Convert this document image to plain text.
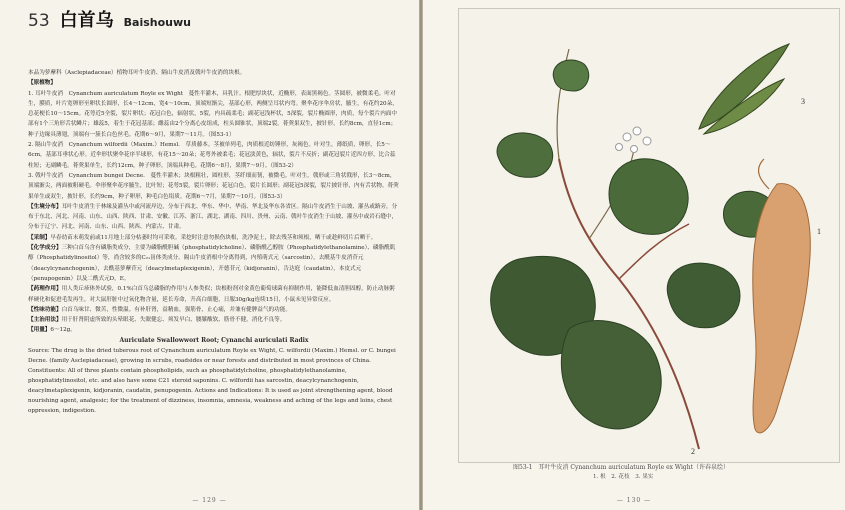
53 白首乌 Baishouwu

本品为萝藦科（Asclepiadaceae）植物耳叶牛皮消、隔山牛皮消及戟叶牛皮消的块根。

【原植物】

1. 耳叶牛皮消　Cynanchum auriculatum Royle ex Wight　蔓性半灌木，具乳汁。根肥厚块状，近椭形，表面黑褐色。茎圆形，被微柔毛。叶对生，膜质，叶片宽卵形至卵状长圆形，长4～12cm，宽4～10cm，顶端短渐尖，基部心形，两侧呈耳状内弯。聚伞花序伞房状，腋生，有花约20朵，总花梗长10～15cm。花萼近5全裂，裂片卵状；花冠白色，辐射状，5裂，内具疏柔毛；副花冠浅杯状，5深裂，裂片椭圆形，肉质，每个裂片内面中部有1个三角形舌状鳞片；雄蕊5，着生于花冠基部；雌蕊由2个分离心皮组成，柱头圆锥状，顶端2裂。蓇葖果双生，披针形，长约8cm，直径1cm；种子边缘具薄翅，顶端有一簇长白色丝毛。花期6～9月，果期7～11月。（图53-1）

2. 隔山牛皮消　Cynanchum wilfordii（Maxim.）Hemsl.　草质藤本。茎被单列毛，肉质根近纺锤形，灰褐色。叶对生，薄纸质，卵形，长5～6cm，基部耳垂状心形。近伞形状聚伞花序半球形，有花15～20朵；花萼外被柔毛；花冠淡黄色，辐状，裂片不反折；副花冠裂片近四方形，比合蕊柱短；无副鳞毛。蓇葖果单生，长约12cm，种子卵形，顶端具种毛。花期6～8月，果期7～9月。（图53-2）

3. 戟叶牛皮消　Cynanchum bungei Decne.　蔓性半灌木；块根粗壮，圆柱形，茎纤细而韧，被微毛。叶对生，戟形或三角状戟形，长3～8cm，顶端渐尖，两面被粗硬毛。伞形聚伞花序腋生，比叶短；花萼5裂，裂片卵形；花冠白色，裂片长圆形；副花冠5深裂，裂片披针形，内有舌状物。蓇葖果单生或双生，披针形，长约9cm，种子卵形，种毛白色绢质。花期6～7月，果期7～10月。（图53-3）

【生境分布】耳叶牛皮消生于林缘及灌丛中或河流岸边，分布于西北、华东、华中、华南、华北及华东各省区。隔山牛皮消生于山坡、灌丛或路旁，分布于东北、河北、河南、山东、山西、陕西、甘肃、安徽、江苏、浙江、湖北、湖南、四川、贵州、云南、戟叶牛皮消生于山坡、灌丛中或岩石缝中，分布于辽宁、河北、河南、山东、山西、陕西、内蒙古、甘肃。

【采制】早春幼苗未萌发前或11月地上部分枯萎时均可采收。采挖时注意勿损伤块根，洗净泥土，除去残茎和须根，晒干或趁鲜切片后晒干。

【化学成分】三种白首乌含有磷脂类成分，主要为磷脂酰胆碱（phosphatidylcholine）、磷脂酰乙醇胺（Phosphatidylethanolamine）、磷脂酰肌醇（Phosphatidylinositol）等，尚含较多的C₂₁甾体类成分。隔山牛皮消根中分离得到，内殖萌式元（sarcostin），去酰基牛皮消苷元（deacylcynanchogenin），去酰基萝藦苷元（deacylmetaplexigenin），开德苷元（kidjoranin），告达庭（caudatin），本皮式元（penupogenin）以及二酰式元D，E。

【药理作用】用人类丘疹体外试验，0.1%白首乌总磷脂的作用与人参类似；块根粉剂对金黄色葡萄球菌有抑制作用，能降低血清胆固醇，防止动脉粥样硬化和促进毛发再生，对大鼠肝脏中过氧化物含量，延长寿命，升高白细胞，日服30g/kg连续15日，小鼠未见异常反应。

【性味功能】白首乌味甘、微苦，性微温。有补肝肾，益精血，强筋骨，止心痛，并兼有健脾益气的功能。

【主治用法】用于肝肾阴虚所致的头晕眼花、失眠健忘、须发早白、腰膝酸软、筋骨不健，消化不良等。

【用量】6～12g。

Auriculate Swallowwort Root; Cynanchi auriculati Radix

Source: The drug is the dried tuberous root of Cynanchum auriculatum Royle ex Wight, C. wilfordii (Maxim.) Hemsl. or C. bungei Decne. (family Asclepiadaceae), growing in scrubs, roadsides or near forests and distributed in most provinces of China. Constituents: All of three plants contain phospholipids, such as phosphatidylcholine, phosphatidylethanolamine, phosphatidylinositol, etc. and also have some C21 steroid saponins. C. wilfordii has sarcostin, deacylcynanchogenin, deacylmetaplexigenin, kidjoranin, caudatin, penupogenin. Actions and Indications: It is used as joint strengthening agent, blood nourishing agent, analgesic; for the treatment of dizziness, insomnia, amnesia, weakness and aching of the legs and loins, chest oppression, indigestion.

— 129 —
3
1
2
图53-1　耳叶牛皮消 Cynanchum auriculatum Royle ex Wight（许春泉绘）
1. 根　2. 花枝　3. 果实
— 130 —
